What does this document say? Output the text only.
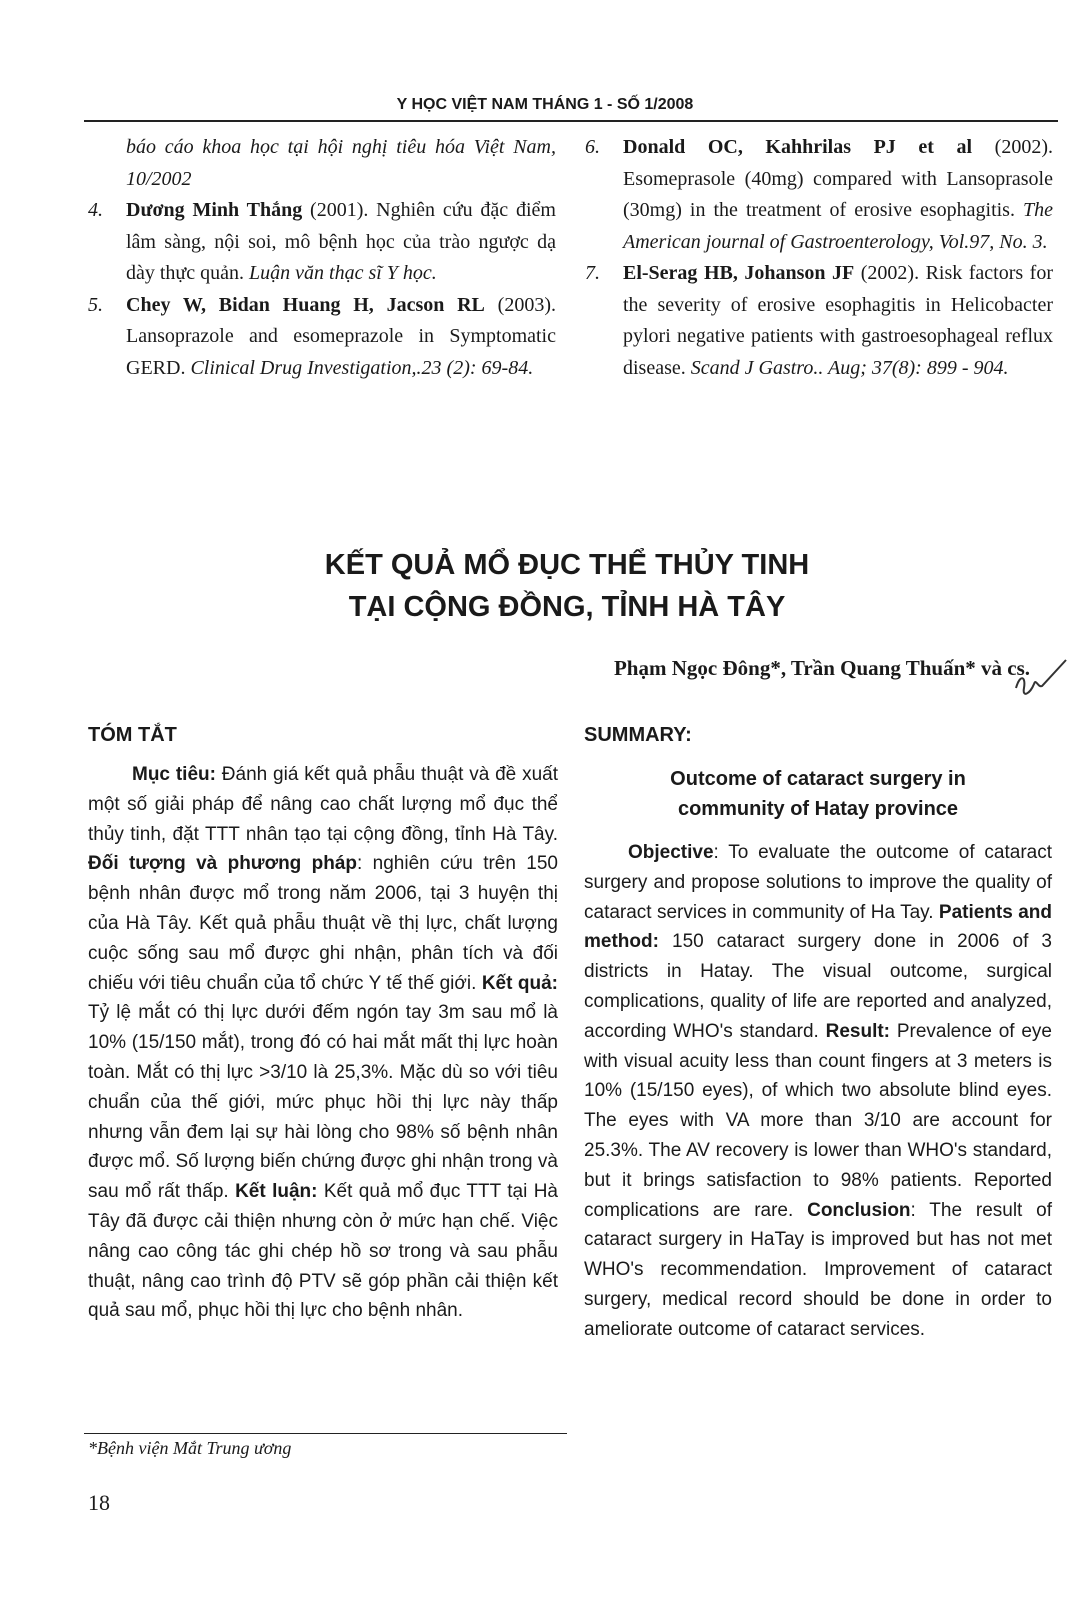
Y HỌC VIỆT NAM THÁNG 1 - SỐ 1/2008
báo cáo khoa học tại hội nghị tiêu hóa Việt Nam, 10/2002
4. Dương Minh Thắng (2001). Nghiên cứu đặc điểm lâm sàng, nội soi, mô bệnh học của trào ngược dạ dày thực quản. Luận văn thạc sĩ Y học.
5. Chey W, Bidan Huang H, Jacson RL (2003). Lansoprazole and esomeprazole in Symptomatic GERD. Clinical Drug Investigation,.23 (2): 69-84.
6. Donald OC, Kahhrilas PJ et al (2002). Esomeprasole (40mg) compared with Lansoprasole (30mg) in the treatment of erosive esophagitis. The American journal of Gastroenterology, Vol.97, No. 3.
7. El-Serag HB, Johanson JF (2002). Risk factors for the severity of erosive esophagitis in Helicobacter pylori negative patients with gastroesophageal reflux disease. Scand J Gastro.. Aug; 37(8): 899 - 904.
KẾT QUẢ MỔ ĐỤC THỂ THỦY TINH
TẠI CỘNG ĐỒNG, TỈNH HÀ TÂY
Phạm Ngọc Đông*, Trần Quang Thuấn* và cs.
TÓM TẮT

Mục tiêu: Đánh giá kết quả phẫu thuật và đề xuất một số giải pháp để nâng cao chất lượng mổ đục thể thủy tinh, đặt TTT nhân tạo tại cộng đồng, tỉnh Hà Tây. Đối tượng và phương pháp: nghiên cứu trên 150 bệnh nhân được mổ trong năm 2006, tại 3 huyện thị của Hà Tây. Kết quả phẫu thuật về thị lực, chất lượng cuộc sống sau mổ được ghi nhận, phân tích và đối chiếu với tiêu chuẩn của tổ chức Y tế thế giới. Kết quả: Tỷ lệ mắt có thị lực dưới đếm ngón tay 3m sau mổ là 10% (15/150 mắt), trong đó có hai mắt mất thị lực hoàn toàn. Mắt có thị lực >3/10 là 25,3%. Mặc dù so với tiêu chuẩn của thế giới, mức phục hồi thị lực này thấp nhưng vẫn đem lại sự hài lòng cho 98% số bệnh nhân được mổ. Số lượng biến chứng được ghi nhận trong và sau mổ rất thấp. Kết luận: Kết quả mổ đục TTT tại Hà Tây đã được cải thiện nhưng còn ở mức hạn chế. Việc nâng cao công tác ghi chép hồ sơ trong và sau phẫu thuật, nâng cao trình độ PTV sẽ góp phần cải thiện kết quả sau mổ, phục hồi thị lực cho bệnh nhân.

SUMMARY:
Outcome of cataract surgery in
community of Hatay province

Objective: To evaluate the outcome of cataract surgery and propose solutions to improve the quality of cataract services in community of Ha Tay. Patients and method: 150 cataract surgery done in 2006 of 3 districts in Hatay. The visual outcome, surgical complications, quality of life are reported and analyzed, according WHO's standard. Result: Prevalence of eye with visual acuity less than count fingers at 3 meters is 10% (15/150 eyes), of which two absolute blind eyes. The eyes with VA more than 3/10 are account for 25.3%. The AV recovery is lower than WHO's standard, but it brings satisfaction to 98% patients. Reported complications are rare. Conclusion: The result of cataract surgery in HaTay is improved but has not met WHO's recommendation. Improvement of cataract surgery, medical record should be done in order to ameliorate outcome of cataract services.

*Bệnh viện Mắt Trung ương
18
